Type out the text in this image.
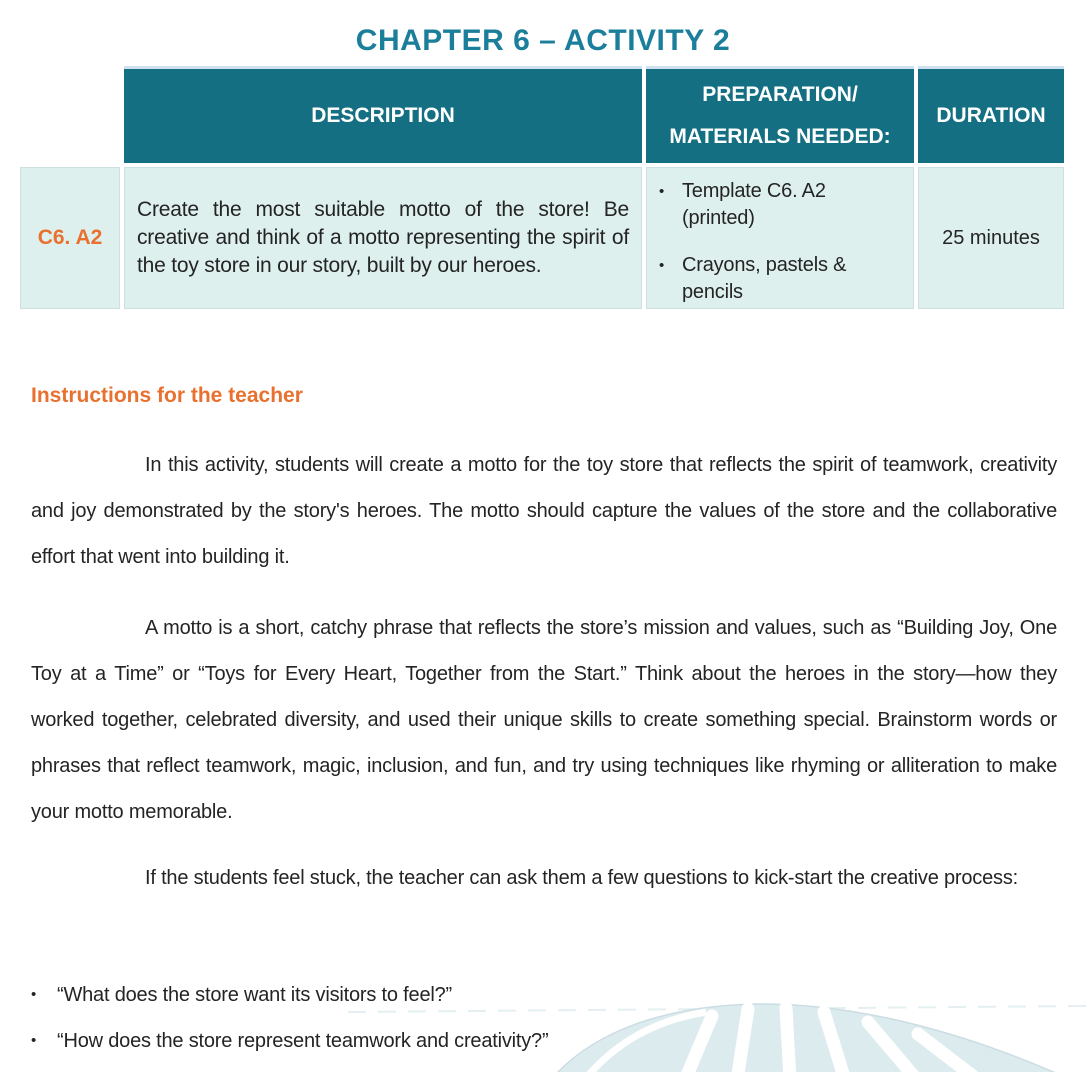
CHAPTER 6 – ACTIVITY 2
DESCRIPTION
PREPARATION/
MATERIALS NEEDED:
DURATION
C6. A2
Create the most suitable motto of the store! Be creative and think of a motto representing the spirit of the toy store in our story, built by our heroes.
• Template C6. A2 (printed)
• Crayons, pastels & pencils
25 minutes
Instructions for the teacher
In this activity, students will create a motto for the toy store that reflects the spirit of teamwork, creativity and joy demonstrated by the story's heroes. The motto should capture the values of the store and the collaborative effort that went into building it.
A motto is a short, catchy phrase that reflects the store’s mission and values, such as “Building Joy, One Toy at a Time” or “Toys for Every Heart, Together from the Start.” Think about the heroes in the story—how they worked together, celebrated diversity, and used their unique skills to create something special. Brainstorm words or phrases that reflect teamwork, magic, inclusion, and fun, and try using techniques like rhyming or alliteration to make your motto memorable.
If the students feel stuck, the teacher can ask them a few questions to kick-start the creative process:
•	“What does the store want its visitors to feel?”
•	“How does the store represent teamwork and creativity?”
